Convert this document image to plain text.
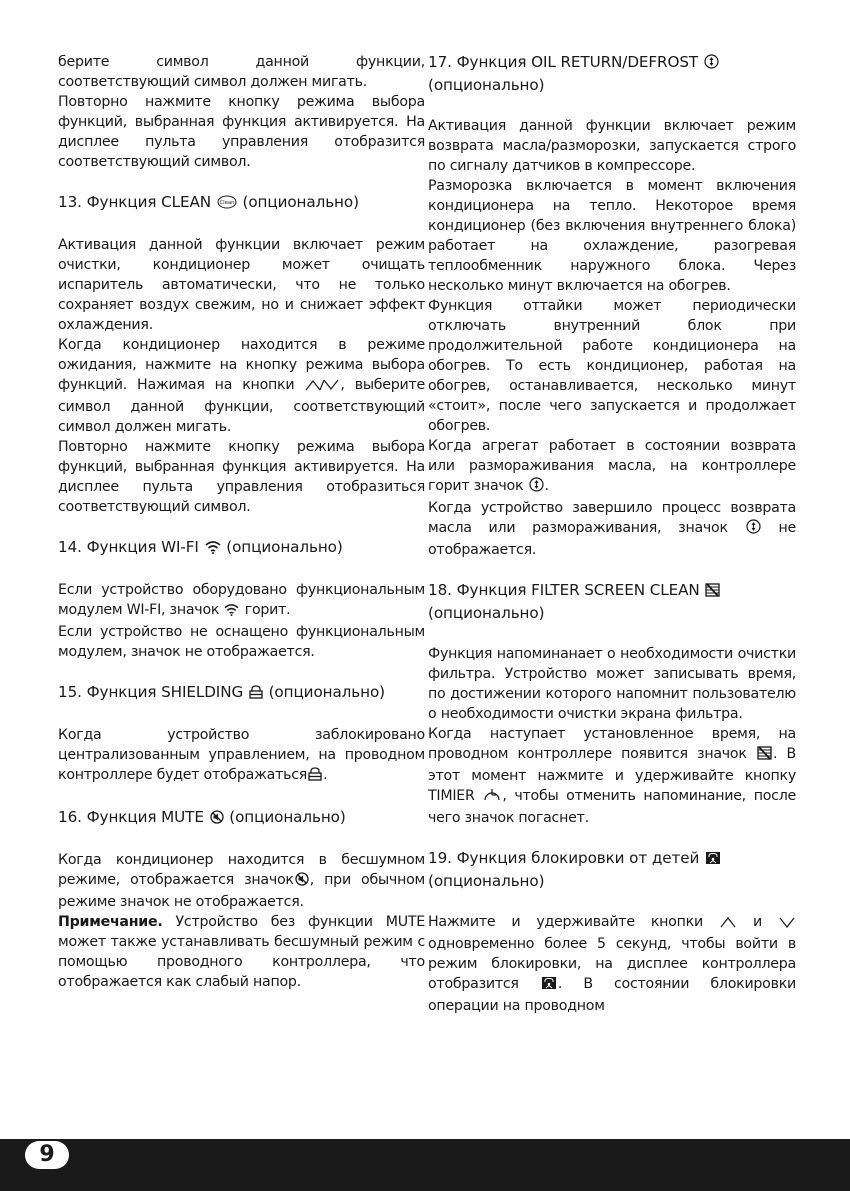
берите символ данной функции, соответствующий символ должен мигать.

Повторно нажмите кнопку режима выбора функций, выбранная функция активируется. На дисплее пульта управления отобразится соответствующий символ.

13. Функция CLEAN Clean (опционально)

Активация данной функции включает режим очистки, кондиционер может очищать испаритель автоматически, что не только сохраняет воздух свежим, но и снижает эффект охлаждения.

Когда кондиционер находится в режиме ожидания, нажмите на кнопку режима выбора функций. Нажимая на кнопки	, выберите символ данной функции, соответствующий символ должен мигать.

Повторно нажмите кнопку режима выбора функций, выбранная функция активируется. На дисплее пульта управления отобразиться соответствующий символ.

14. Функция WI-FI (опционально)

Если устройство оборудовано функциональным модулем WI-FI, значок горит.

Если устройство не оснащено функциональным модулем, значок не отображается.

15. Функция SHIELDING (опционально)

Когда устройство заблокировано централизованным управлением, на проводном контроллере будет отображаться .

16. Функция MUTE (опционально)

Когда кондиционер находится в бесшумном режиме, отображается значок , при обычном режиме значок не отображается.

Примечание. Устройство без функции MUTE может также устанавливать бесшумный режим с помощью проводного контроллера, что отображается как слабый напор.

17. Функция OIL RETURN/DEFROST
(опционально)

Активация данной функции включает режим возврата масла/разморозки, запускается строго по сигналу датчиков в компрессоре.

Разморозка включается в момент включения кондиционера на тепло. Некоторое время кондиционер (без включения внутреннего блока) работает на охлаждение, разогревая теплообменник наружного блока. Через несколько минут включается на обогрев.

Функция оттайки может периодически отключать внутренний блок при продолжительной работе кондиционера на обогрев. То есть кондиционер, работая на обогрев, останавливается, несколько минут «стоит», после чего запускается и продолжает обогрев.

Когда агрегат работает в состоянии возврата или размораживания масла, на контроллере горит значок .

Когда устройство завершило процесс возврата масла или размораживания, значок	не отображается.

18. Функция FILTER SCREEN CLEAN
(опционально)

Функция напоминанает о необходимости очистки фильтра. Устройство может записывать время, по достижении которого напомнит пользователю о необходимости очистки экрана фильтра.

Когда наступает установленное время, на проводном контроллере появится значок . В этот момент нажмите и удерживайте кнопку TIMIER , чтобы отменить напоминание, после чего значок погаснет.

19. Функция блокировки от детей  (опционально)

Нажмите и удерживайте кнопки	и  одновременно более 5 секунд, чтобы войти в режим блокировки, на дисплее контроллера отобразится	. В состоянии блокировки операции на проводном

9
